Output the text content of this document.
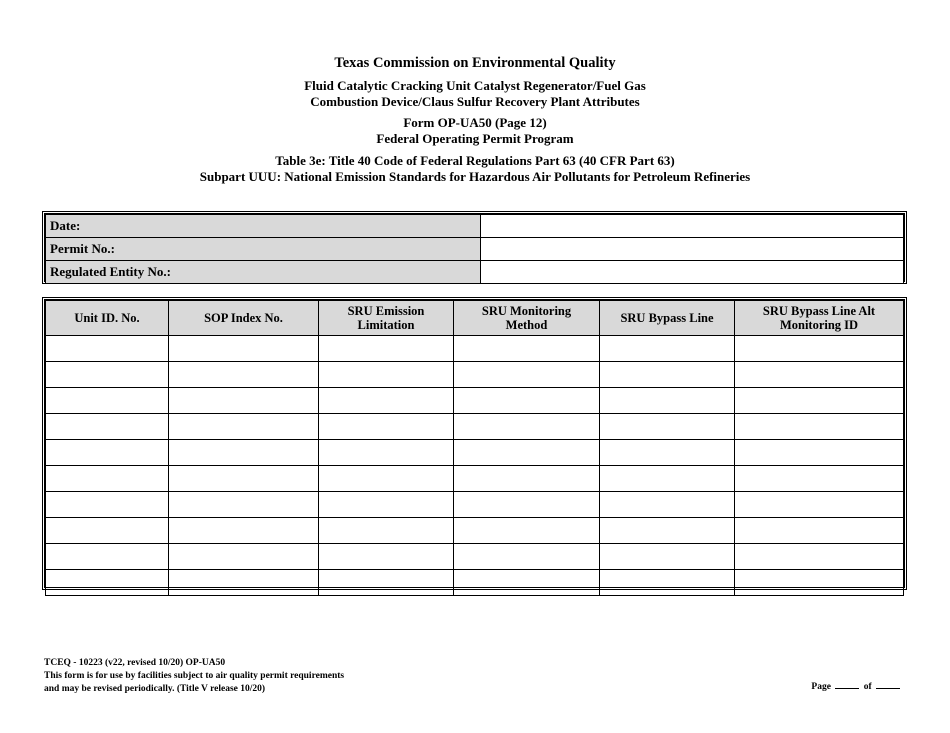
Texas Commission on Environmental Quality
Fluid Catalytic Cracking Unit Catalyst Regenerator/Fuel Gas
Combustion Device/Claus Sulfur Recovery Plant Attributes
Form OP-UA50 (Page 12)
Federal Operating Permit Program
Table 3e: Title 40 Code of Federal Regulations Part 63 (40 CFR Part 63)
Subpart UUU: National Emission Standards for Hazardous Air Pollutants for Petroleum Refineries
Date:	
Permit No.:	
Regulated Entity No.:	
Unit ID. No.	SOP Index No.	SRU Emission Limitation	SRU Monitoring Method	SRU Bypass Line	SRU Bypass Line Alt Monitoring ID

TCEQ - 10223 (v22, revised 10/20) OP-UA50
This form is for use by facilities subject to air quality permit requirements
and may be revised periodically. (Title V release 10/20)	Page	of
